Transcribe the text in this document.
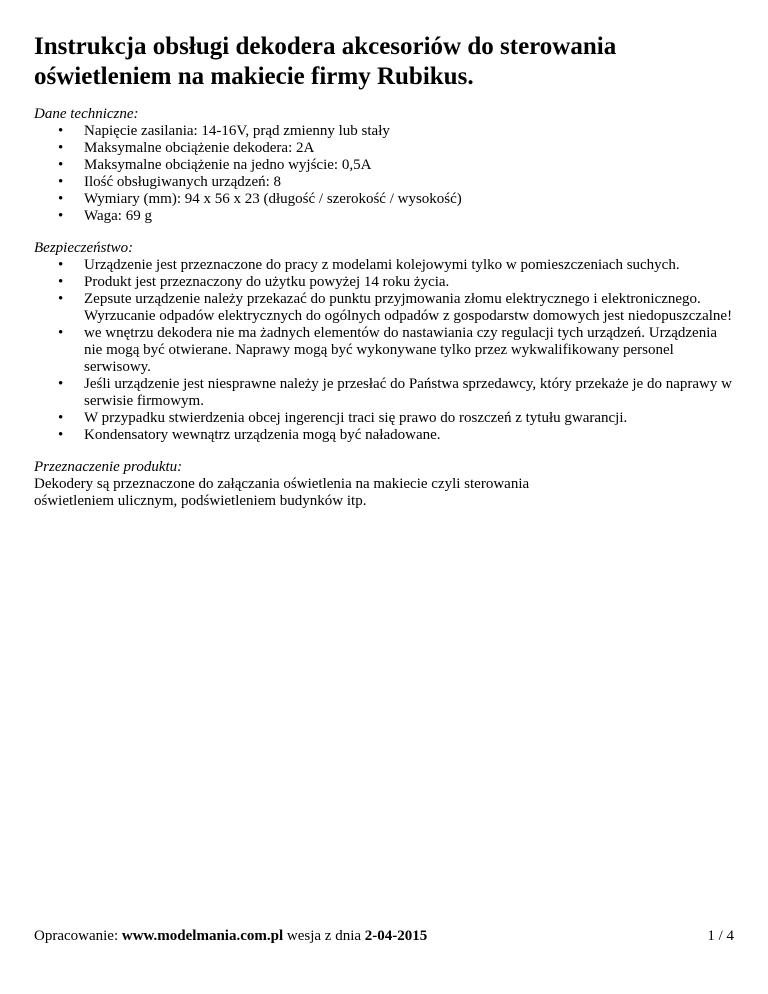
Instrukcja obsługi dekodera akcesoriów do sterowania
oświetleniem na makiecie firmy Rubikus.
Dane techniczne:
• Napięcie zasilania: 14-16V, prąd zmienny lub stały
• Maksymalne obciążenie dekodera: 2A
• Maksymalne obciążenie na jedno wyjście: 0,5A
• Ilość obsługiwanych urządzeń: 8
• Wymiary (mm): 94 x 56 x 23 (długość / szerokość / wysokość)
• Waga: 69 g
Bezpieczeństwo:
• Urządzenie jest przeznaczone do pracy z modelami kolejowymi tylko w pomieszczeniach suchych.
• Produkt jest przeznaczony do użytku powyżej 14 roku życia.
• Zepsute urządzenie należy przekazać do punktu przyjmowania złomu elektrycznego i elektronicznego. Wyrzucanie odpadów elektrycznych do ogólnych odpadów z gospodarstw domowych jest niedopuszczalne!
• we wnętrzu dekodera nie ma żadnych elementów do nastawiania czy regulacji tych urządzeń. Urządzenia nie mogą być otwierane. Naprawy mogą być wykonywane tylko przez wykwalifikowany personel serwisowy.
• Jeśli urządzenie jest niesprawne należy je przesłać do Państwa sprzedawcy, który przekaże je do naprawy w serwisie firmowym.
• W przypadku stwierdzenia obcej ingerencji traci się prawo do roszczeń z tytułu gwarancji.
• Kondensatory wewnątrz urządzenia mogą być naładowane.
Przeznaczenie produktu:

Dekodery są przeznaczone do załączania oświetlenia na makiecie czyli sterowania
oświetleniem ulicznym, podświetleniem budynków itp.

Opracowanie: www.modelmania.com.pl wesja z dnia 2-04-2015	1 / 4
